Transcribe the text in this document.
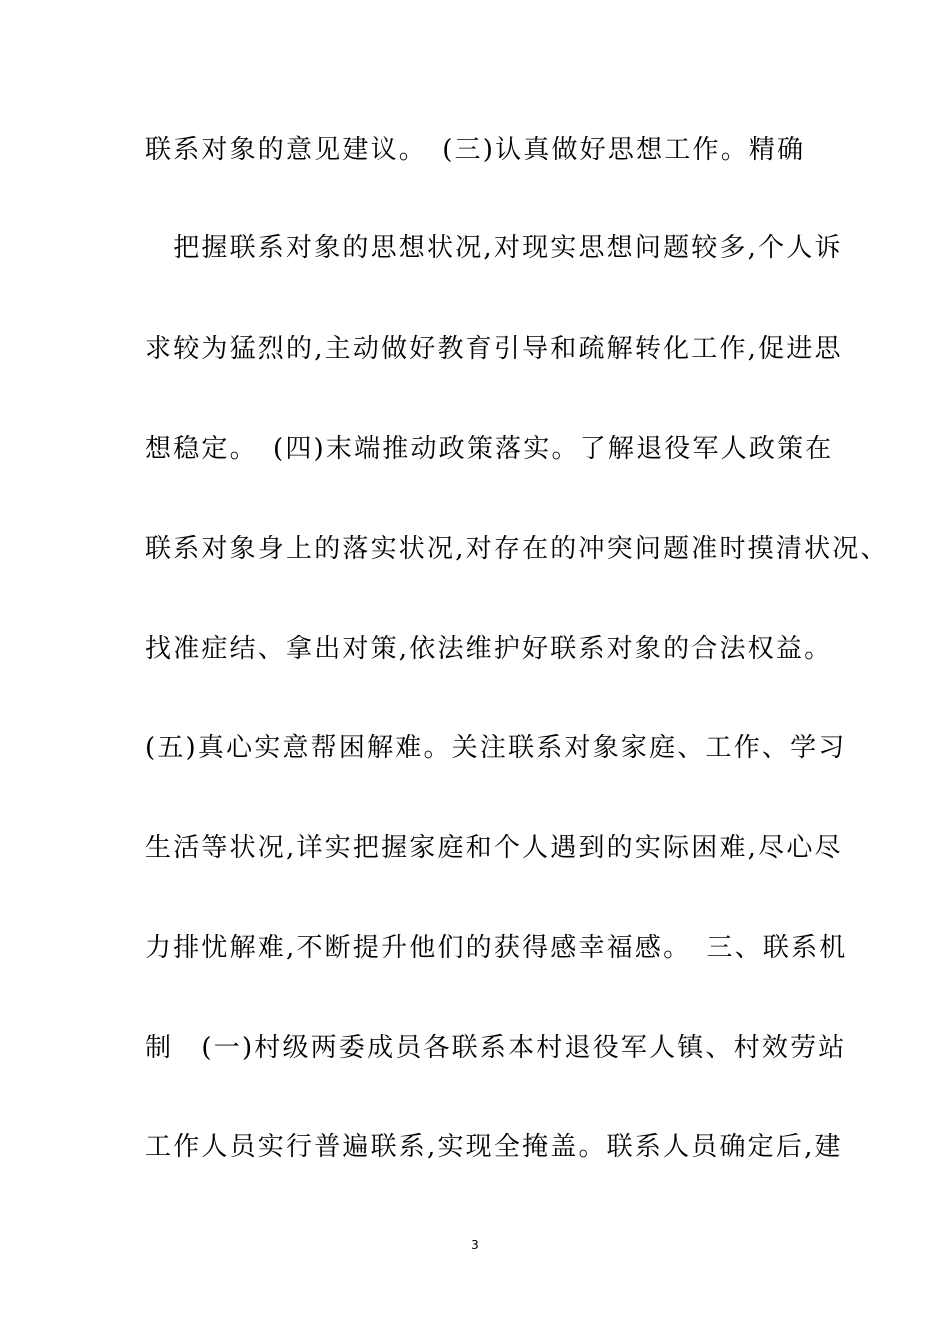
联系对象的意见建议。　(三)认真做好思想工作。精确
　把握联系对象的思想状况,对现实思想问题较多,个人诉
求较为猛烈的,主动做好教育引导和疏解转化工作,促进思
想稳定。　(四)末端推动政策落实。了解退役军人政策在
联系对象身上的落实状况,对存在的冲突问题准时摸清状况、
找准症结、拿出对策,依法维护好联系对象的合法权益。
(五)真心实意帮困解难。关注联系对象家庭、工作、学习
生活等状况,详实把握家庭和个人遇到的实际困难,尽心尽
力排忧解难,不断提升他们的获得感幸福感。　三、联系机
制　(一)村级两委成员各联系本村退役军人镇、村效劳站
工作人员实行普遍联系,实现全掩盖。联系人员确定后,建
3
